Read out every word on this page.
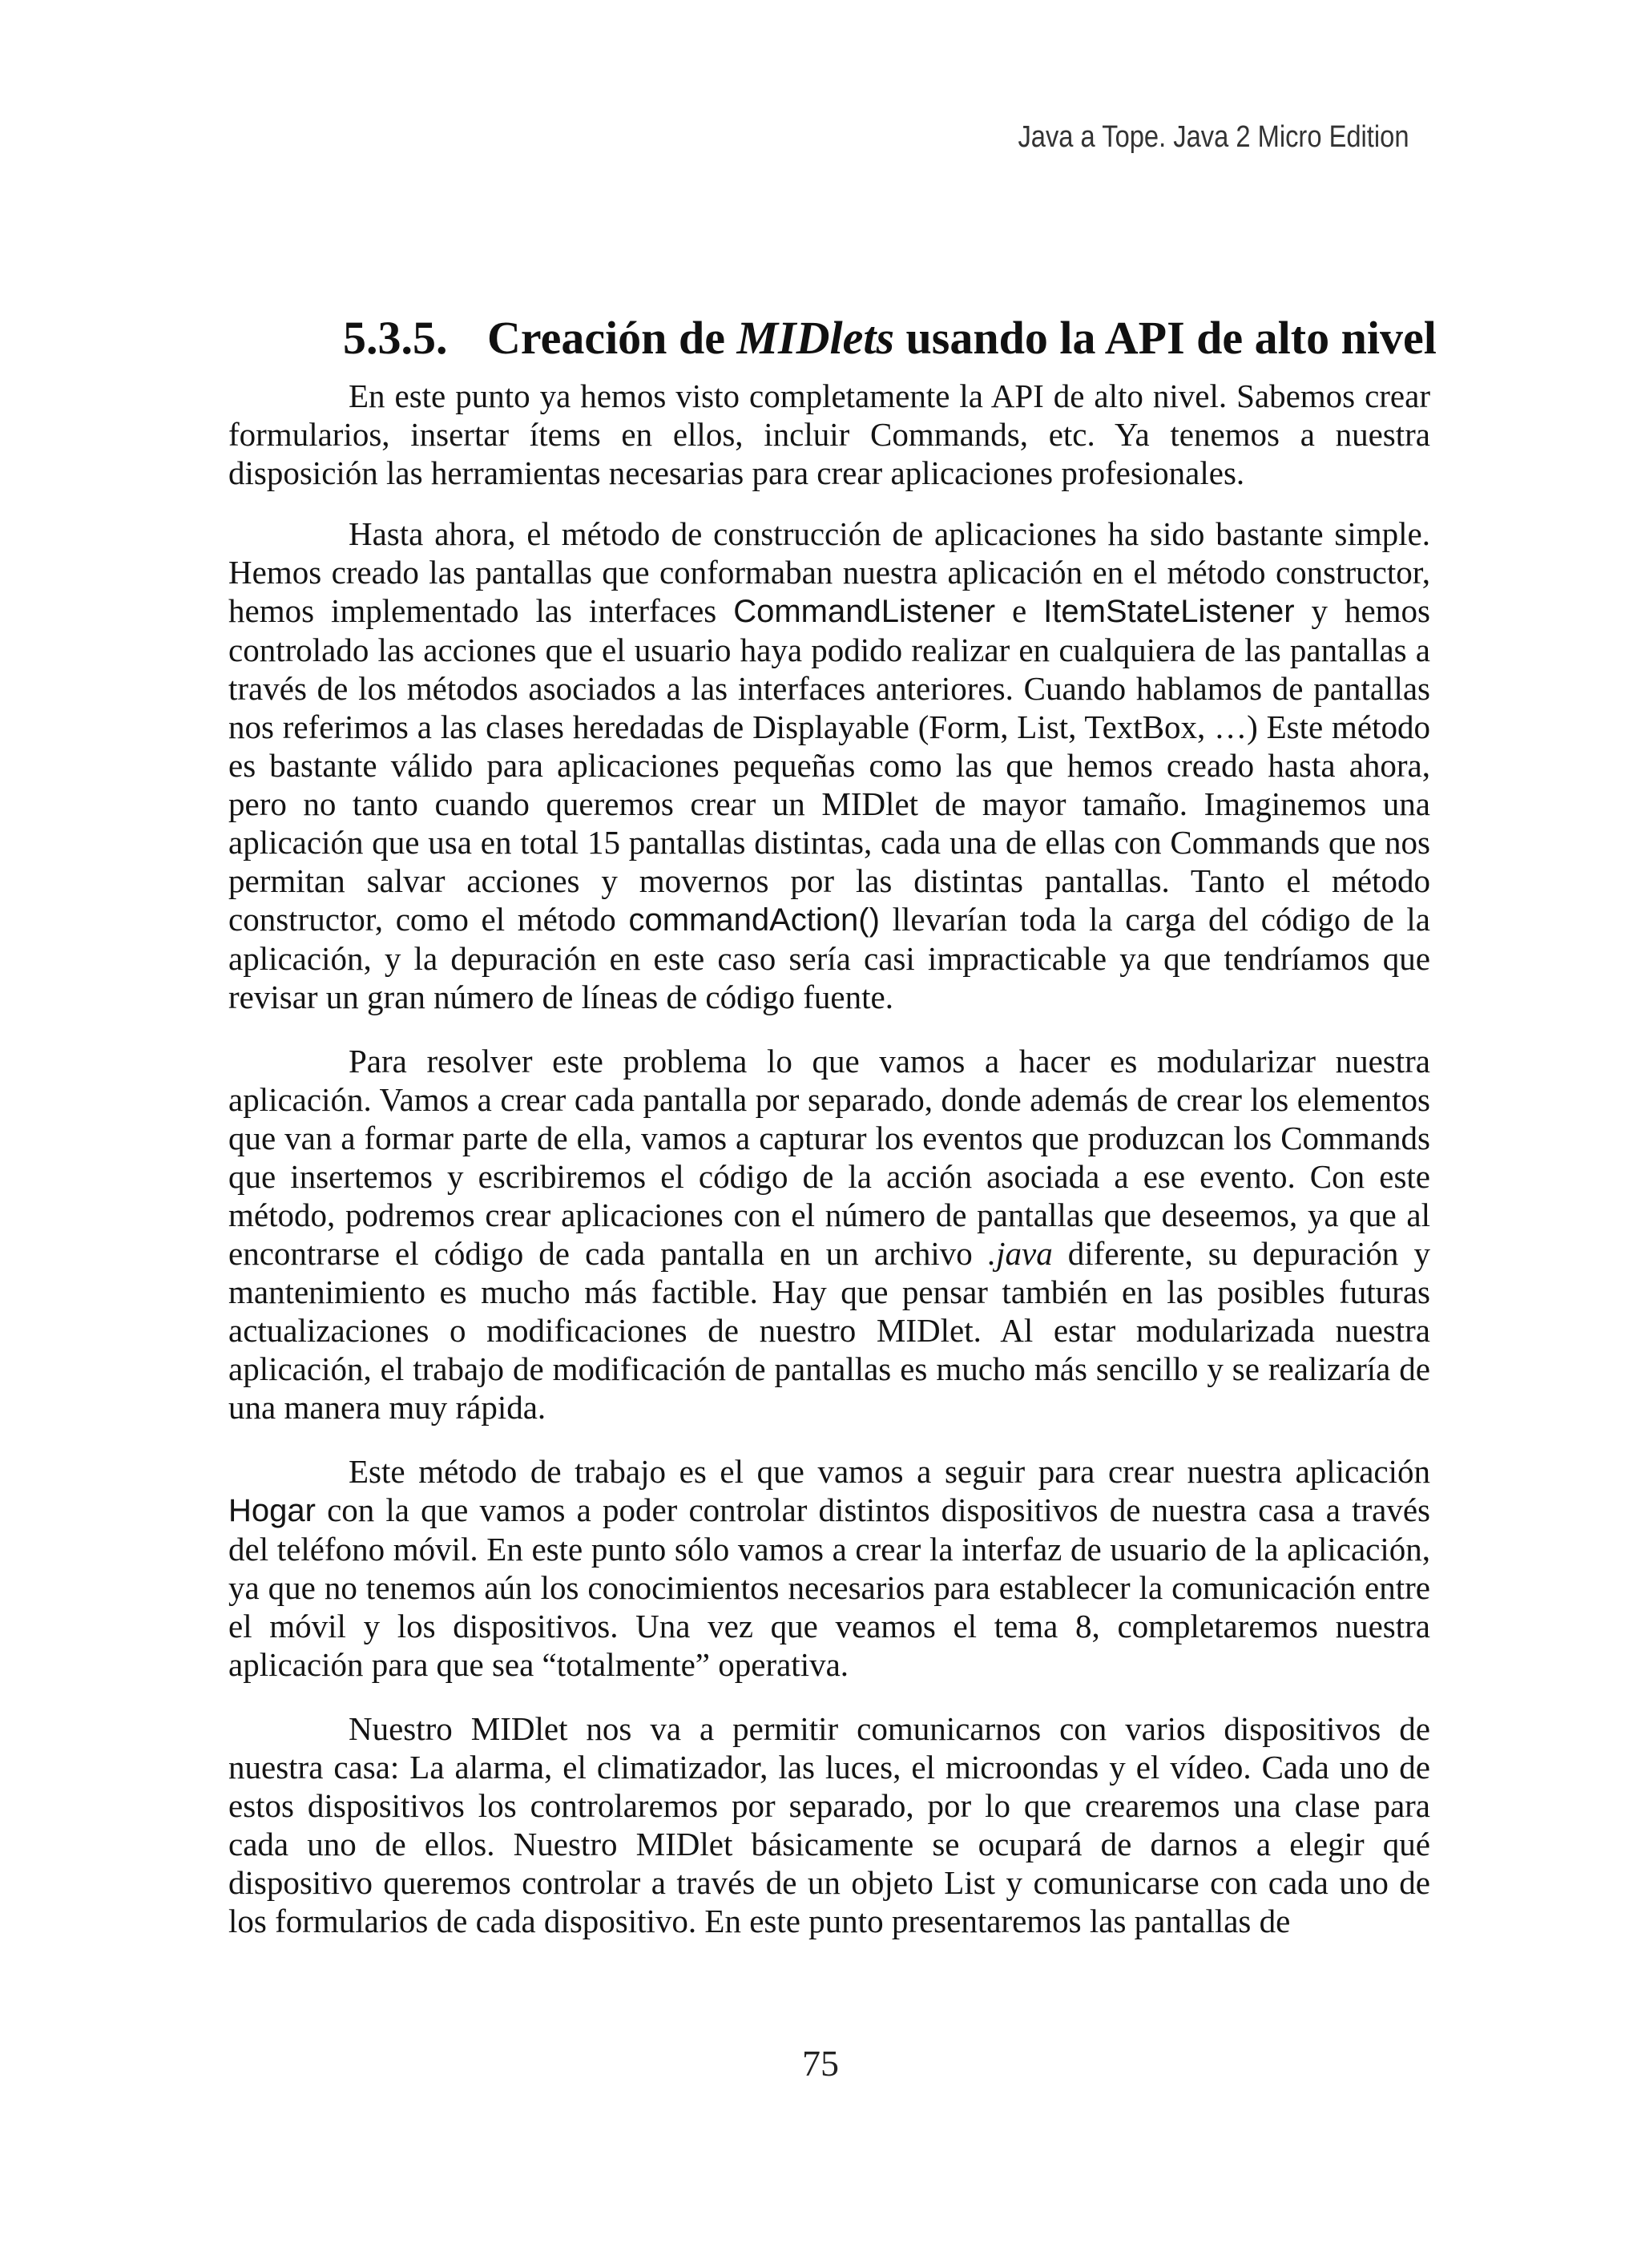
Java a Tope. Java 2 Micro Edition
5.3.5. Creación de MIDlets usando la API de alto nivel

En este punto ya hemos visto completamente la API de alto nivel. Sabemos crear formularios, insertar ítems en ellos, incluir Commands, etc. Ya tenemos a nuestra disposición las herramientas necesarias para crear aplicaciones profesionales.

Hasta ahora, el método de construcción de aplicaciones ha sido bastante simple. Hemos creado las pantallas que conformaban nuestra aplicación en el método constructor, hemos implementado las interfaces CommandListener e ItemStateListener y hemos controlado las acciones que el usuario haya podido realizar en cualquiera de las pantallas a través de los métodos asociados a las interfaces anteriores. Cuando hablamos de pantallas nos referimos a las clases heredadas de Displayable (Form, List, TextBox, …) Este método es bastante válido para aplicaciones pequeñas como las que hemos creado hasta ahora, pero no tanto cuando queremos crear un MIDlet de mayor tamaño. Imaginemos una aplicación que usa en total 15 pantallas distintas, cada una de ellas con Commands que nos permitan salvar acciones y movernos por las distintas pantallas. Tanto el método constructor, como el método commandAction() llevarían toda la carga del código de la aplicación, y la depuración en este caso sería casi impracticable ya que tendríamos que revisar un gran número de líneas de código fuente.

Para resolver este problema lo que vamos a hacer es modularizar nuestra aplicación. Vamos a crear cada pantalla por separado, donde además de crear los elementos que van a formar parte de ella, vamos a capturar los eventos que produzcan los Commands que insertemos y escribiremos el código de la acción asociada a ese evento. Con este método, podremos crear aplicaciones con el número de pantallas que deseemos, ya que al encontrarse el código de cada pantalla en un archivo .java diferente, su depuración y mantenimiento es mucho más factible. Hay que pensar también en las posibles futuras actualizaciones o modificaciones de nuestro MIDlet. Al estar modularizada nuestra aplicación, el trabajo de modificación de pantallas es mucho más sencillo y se realizaría de una manera muy rápida.

Este método de trabajo es el que vamos a seguir para crear nuestra aplicación Hogar con la que vamos a poder controlar distintos dispositivos de nuestra casa a través del teléfono móvil. En este punto sólo vamos a crear la interfaz de usuario de la aplicación, ya que no tenemos aún los conocimientos necesarios para establecer la comunicación entre el móvil y los dispositivos. Una vez que veamos el tema 8, completaremos nuestra aplicación para que sea “totalmente” operativa.

Nuestro MIDlet nos va a permitir comunicarnos con varios dispositivos de nuestra casa: La alarma, el climatizador, las luces, el microondas y el vídeo. Cada uno de estos dispositivos los controlaremos por separado, por lo que crearemos una clase para cada uno de ellos. Nuestro MIDlet básicamente se ocupará de darnos a elegir qué dispositivo queremos controlar a través de un objeto List y comunicarse con cada uno de los formularios de cada dispositivo. En este punto presentaremos las pantallas de

75
